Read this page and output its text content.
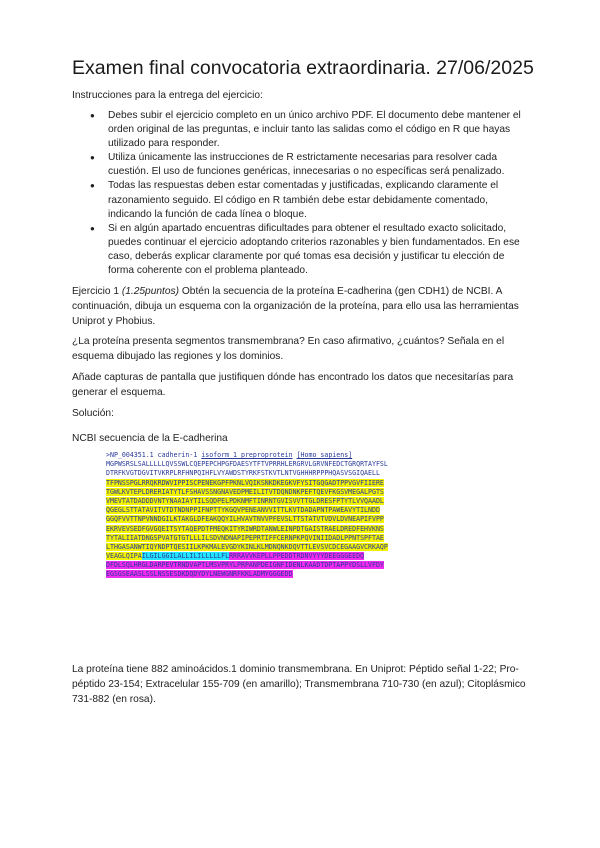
Examen final convocatoria extraordinaria. 27/06/2025

Instrucciones para la entrega del ejercicio:

● Debes subir el ejercicio completo en un único archivo PDF. El documento debe mantener el orden original de las preguntas, e incluir tanto las salidas como el código en R que hayas utilizado para responder.
● Utiliza únicamente las instrucciones de R estrictamente necesarias para resolver cada cuestión. El uso de funciones genéricas, innecesarias o no específicas será penalizado.
● Todas las respuestas deben estar comentadas y justificadas, explicando claramente el razonamiento seguido. El código en R también debe estar debidamente comentado, indicando la función de cada línea o bloque.
● Si en algún apartado encuentras dificultades para obtener el resultado exacto solicitado, puedes continuar el ejercicio adoptando criterios razonables y bien fundamentados. En ese caso, deberás explicar claramente por qué tomas esa decisión y justificar tu elección de forma coherente con el problema planteado.

Ejercicio 1 (1.25puntos) Obtén la secuencia de la proteína E-cadherina (gen CDH1) de NCBI. A continuación, dibuja un esquema con la organización de la proteína, para ello usa las herramientas Uniprot y Phobius.

¿La proteína presenta segmentos transmembrana? En caso afirmativo, ¿cuántos? Señala en el esquema dibujado las regiones y los dominios.

Añade capturas de pantalla que justifiquen dónde has encontrado los datos que necesitarías para generar el esquema.

Solución:

NCBI secuencia de la E-cadherina

>NP_004351.1 cadherin-1 isoform 1 preproprotein [Homo sapiens]
MGPWSRSLSALLLLLQVSSWLCQEPEPCHPGFDAESYTFTVPRRHLERGRVLGRVNFEDCTGRQRTAYFSL
DTRFKVGTDGVITVKRPLRFHNPQIHFLVYAWDSTYRKFSTKVTLNTVGHHHRPPPHQASVSGIQAELL
TFPNSSPGLRRQKRDWVIPPISCPENEKGPFPKNLVQIKSNKDKEGKVFYSITGQGADTPPVGVFIIERE
TGWLKVTEPLDRERIATYTLFSHAVSSNGNAVEDPMEILITVTDQNDNKPEFTQEVFKGSVMEGALPGTS
VMEVTATDADDDVNTYNAAIAYTILSQDPELPDKNMFTINRNTGVISVVTTGLDRESFPTYTLVVQAADL
QGEGLSTTATAVITVTDTNDNPPIFNPTTYKGQVPENEANVVITTLKVTDADAPNTPAWEAVYTILNDD
GGQFVVTTNPVNNDGILKTAKGLDFEAKQQYILHVAVTNVVPFEVSLTTSTATVTVDVLDVNEAPIFVPP
EKRVEVSEDFGVGQEITSYTAQEPDTFMEQKITYRIWRDTANWLEINPDTGAISTRAELDREDFEHVKNS
TYTALIIATDNGSPVATGTGTLLLILSDVNDNAPIPEPRTIFFCERNPKPQVINIIDADLPPNTSPFTAE
LTHGASANWTIQYNDPTQESIILKPKMALEVGDYKINLKLMDNQNKDQVTTLEVSVCDCEGAAGVCRKAQP
VEAGLQIPAILGILGGILALLILILLLLLFLRRRAVVKEPLLPPEDDTRDNVYYYDEEGGGEEDQ
DFDLSQLHRGLDARPEVTRNDVAPTLMSVPRYLPRPANPDEIGNFIDENLKAADTDPTAPPYDSLLVFDY
EGSGSEAASLSSLNSSESDKDQDYDYLNEWGNRFKKLADMYGGGEDD

La proteína tiene 882 aminoácidos.1 dominio transmembrana. En Uniprot: Péptido señal 1-22; Pro-péptido 23-154; Extracelular 155-709 (en amarillo); Transmembrana 710-730 (en azul); Citoplásmico 731-882 (en rosa).
